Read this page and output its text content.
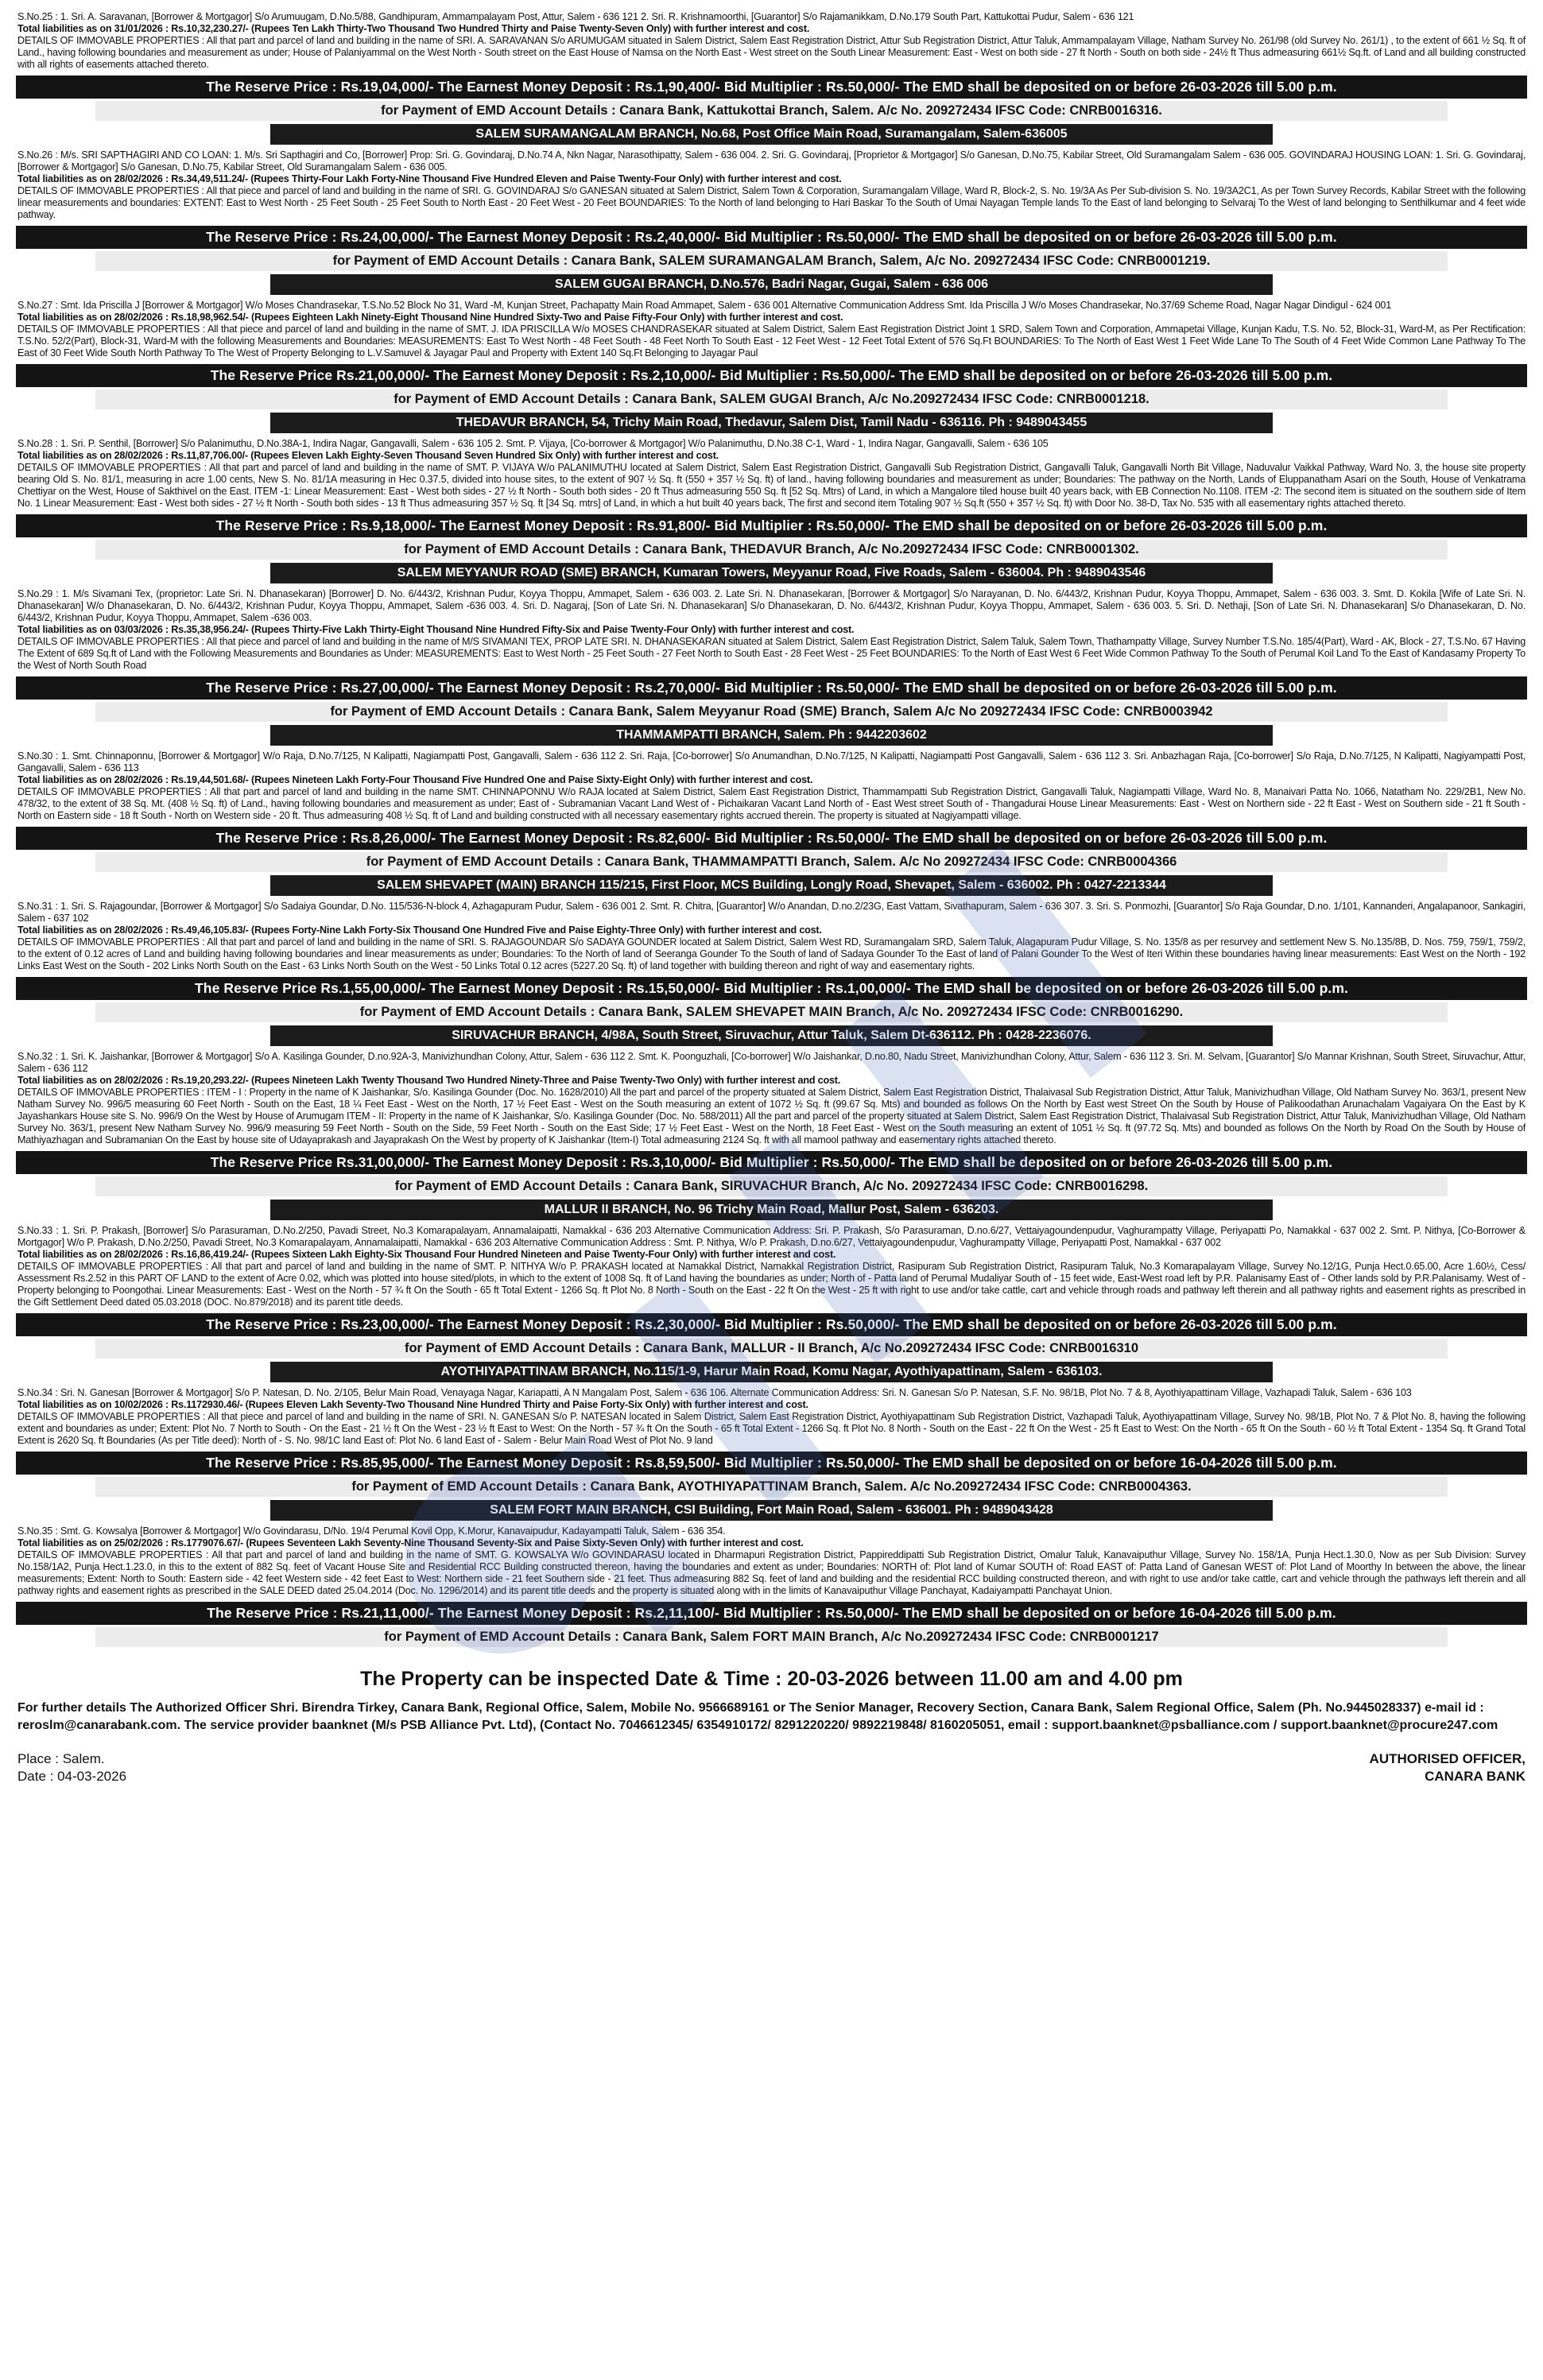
S.No.25 : 1. Sri. A. Saravanan, [Borrower & Mortgagor] S/o Arumuugam, D.No.5/88, Gandhipuram, Ammampalayam Post, Attur, Salem - 636 121 2. Sri. R. Krishnamoorthi, [Guarantor] S/o Rajamanikkam, D.No.179 South Part, Kattukottai Pudur, Salem - 636 121

Total liabilities as on 31/01/2026 : Rs.10,32,230.27/- (Rupees Ten Lakh Thirty-Two Thousand Two Hundred Thirty and Paise Twenty-Seven Only) with further interest and cost.

DETAILS OF IMMOVABLE PROPERTIES : All that part and parcel of land and building in the name of SRI. A. SARAVANAN S/o ARUMUGAM situated in Salem District, Salem East Registration District, Attur Sub Registration District, Attur Taluk, Ammampalayam Village, Natham Survey No. 261/98 (old Survey No. 261/1) , to the extent of 661 ½ Sq. ft of Land., having following boundaries and measurement as under; House of Palaniyammal on the West North - South street on the East House of Namsa on the North East - West street on the South Linear Measurement: East - West on both side - 27 ft North - South on both side - 24½ ft Thus admeasuring 661½ Sq.ft. of Land and all building constructed with all rights of easements attached thereto.

The Reserve Price : Rs.19,04,000/- The Earnest Money Deposit : Rs.1,90,400/- Bid Multiplier : Rs.50,000/- The EMD shall be deposited on or before 26-03-2026 till 5.00 p.m.
for Payment of EMD Account Details : Canara Bank, Kattukottai Branch, Salem. A/c No. 209272434 IFSC Code: CNRB0016316.
SALEM SURAMANGALAM BRANCH, No.68, Post Office Main Road, Suramangalam, Salem-636005

S.No.26 : M/s. SRI SAPTHAGIRI AND CO LOAN: 1. M/s. Sri Sapthagiri and Co, [Borrower] Prop: Sri. G. Govindaraj, D.No.74 A, Nkn Nagar, Narasothipatty, Salem - 636 004. 2. Sri. G. Govindaraj, [Proprietor & Mortgagor] S/o Ganesan, D.No.75, Kabilar Street, Old Suramangalam Salem - 636 005. GOVINDARAJ HOUSING LOAN: 1. Sri. G. Govindaraj, [Borrower & Mortgagor] S/o Ganesan, D.No.75, Kabilar Street, Old Suramangalam Salem - 636 005.

Total liabilities as on 28/02/2026 : Rs.34,49,511.24/- (Rupees Thirty-Four Lakh Forty-Nine Thousand Five Hundred Eleven and Paise Twenty-Four Only) with further interest and cost.

DETAILS OF IMMOVABLE PROPERTIES : All that piece and parcel of land and building in the name of SRI. G. GOVINDARAJ S/o GANESAN situated at Salem District, Salem Town & Corporation, Suramangalam Village, Ward R, Block-2, S. No. 19/3A As Per Sub-division S. No. 19/3A2C1, As per Town Survey Records, Kabilar Street with the following linear measurements and boundaries: EXTENT: East to West North - 25 Feet South - 25 Feet South to North East - 20 Feet West - 20 Feet BOUNDARIES: To the North of land belonging to Hari Baskar To the South of Umai Nayagan Temple lands To the East of land belonging to Selvaraj To the West of land belonging to Senthilkumar and 4 feet wide pathway.

The Reserve Price : Rs.24,00,000/- The Earnest Money Deposit : Rs.2,40,000/- Bid Multiplier : Rs.50,000/- The EMD shall be deposited on or before 26-03-2026 till 5.00 p.m.
for Payment of EMD Account Details : Canara Bank, SALEM SURAMANGALAM Branch, Salem, A/c No. 209272434 IFSC Code: CNRB0001219.
SALEM GUGAI BRANCH, D.No.576, Badri Nagar, Gugai, Salem - 636 006

S.No.27 : Smt. Ida Priscilla J [Borrower & Mortgagor] W/o Moses Chandrasekar, T.S.No.52 Block No 31, Ward -M, Kunjan Street, Pachapatty Main Road Ammapet, Salem - 636 001 Alternative Communication Address Smt. Ida Priscilla J W/o Moses Chandrasekar, No.37/69 Scheme Road, Nagar Nagar Dindigul - 624 001

Total liabilities as on 28/02/2026 : Rs.18,98,962.54/- (Rupees Eighteen Lakh Ninety-Eight Thousand Nine Hundred Sixty-Two and Paise Fifty-Four Only) with further interest and cost.

DETAILS OF IMMOVABLE PROPERTIES : All that piece and parcel of land and building in the name of SMT. J. IDA PRISCILLA W/o MOSES CHANDRASEKAR situated at Salem District, Salem East Registration District Joint 1 SRD, Salem Town and Corporation, Ammapetai Village, Kunjan Kadu, T.S. No. 52, Block-31, Ward-M, as Per Rectification: T.S.No. 52/2(Part), Block-31, Ward-M with the following Measurements and Boundaries: MEASUREMENTS: East To West North - 48 Feet South - 48 Feet North To South East - 12 Feet West - 12 Feet Total Extent of 576 Sq.Ft BOUNDARIES: To The North of East West 1 Feet Wide Lane To The South of 4 Feet Wide Common Lane Pathway To The East of 30 Feet Wide South North Pathway To The West of Property Belonging to L.V.Samuvel & Jayagar Paul and Property with Extent 140 Sq.Ft Belonging to Jayagar Paul

The Reserve Price Rs.21,00,000/- The Earnest Money Deposit : Rs.2,10,000/- Bid Multiplier : Rs.50,000/- The EMD shall be deposited on or before 26-03-2026 till 5.00 p.m.
for Payment of EMD Account Details : Canara Bank, SALEM GUGAI Branch, A/c No.209272434 IFSC Code: CNRB0001218.
THEDAVUR BRANCH, 54, Trichy Main Road, Thedavur, Salem Dist, Tamil Nadu - 636116. Ph : 9489043455

S.No.28 : 1. Sri. P. Senthil, [Borrower] S/o Palanimuthu, D.No.38A-1, Indira Nagar, Gangavalli, Salem - 636 105 2. Smt. P. Vijaya, [Co-borrower & Mortgagor] W/o Palanimuthu, D.No.38 C-1, Ward - 1, Indira Nagar, Gangavalli, Salem - 636 105

Total liabilities as on 28/02/2026 : Rs.11,87,706.00/- (Rupees Eleven Lakh Eighty-Seven Thousand Seven Hundred Six Only) with further interest and cost.

DETAILS OF IMMOVABLE PROPERTIES : All that part and parcel of land and building in the name of SMT. P. VIJAYA W/o PALANIMUTHU located at Salem District, Salem East Registration District, Gangavalli Sub Registration District, Gangavalli Taluk, Gangavalli North Bit Village, Naduvalur Vaikkal Pathway, Ward No. 3, the house site property bearing Old S. No. 81/1, measuring in acre 1.00 cents, New S. No. 81/1A measuring in Hec 0.37.5, divided into house sites, to the extent of 907 ½ Sq. ft (550 + 357 ½ Sq. ft) of land., having following boundaries and measurement as under; Boundaries: The pathway on the North, Lands of Eluppanatham Asari on the South, House of Venkatrama Chettiyar on the West, House of Sakthivel on the East. ITEM -1: Linear Measurement: East - West both sides - 27 ½ ft North - South both sides - 20 ft Thus admeasuring 550 Sq. ft [52 Sq. Mtrs) of Land, in which a Mangalore tiled house built 40 years back, with EB Connection No.1108. ITEM -2: The second item is situated on the southern side of Item No. 1 Linear Measurement: East - West both sides - 27 ½ ft North - South both sides - 13 ft Thus admeasuring 357 ½ Sq. ft [34 Sq. mtrs] of Land, in which a hut built 40 years back, The first and second item Totaling 907 ½ Sq.ft (550 + 357 ½ Sq. ft) with Door No. 38-D, Tax No. 535 with all easementary rights attached thereto.

The Reserve Price : Rs.9,18,000/- The Earnest Money Deposit : Rs.91,800/- Bid Multiplier : Rs.50,000/- The EMD shall be deposited on or before 26-03-2026 till 5.00 p.m.
for Payment of EMD Account Details : Canara Bank, THEDAVUR Branch, A/c No.209272434 IFSC Code: CNRB0001302.
SALEM MEYYANUR ROAD (SME) BRANCH, Kumaran Towers, Meyyanur Road, Five Roads, Salem - 636004. Ph : 9489043546

S.No.29 : 1. M/s Sivamani Tex, (proprietor: Late Sri. N. Dhanasekaran) [Borrower] D. No. 6/443/2, Krishnan Pudur, Koyya Thoppu, Ammapet, Salem - 636 003. 2. Late Sri. N. Dhanasekaran, [Borrower & Mortgagor] S/o Narayanan, D. No. 6/443/2, Krishnan Pudur, Koyya Thoppu, Ammapet, Salem - 636 003. 3. Smt. D. Kokila [Wife of Late Sri. N. Dhanasekaran] W/o Dhanasekaran, D. No. 6/443/2, Krishnan Pudur, Koyya Thoppu, Ammapet, Salem -636 003. 4. Sri. D. Nagaraj, [Son of Late Sri. N. Dhanasekaran] S/o Dhanasekaran, D. No. 6/443/2, Krishnan Pudur, Koyya Thoppu, Ammapet, Salem - 636 003. 5. Sri. D. Nethaji, [Son of Late Sri. N. Dhanasekaran] S/o Dhanasekaran, D. No. 6/443/2, Krishnan Pudur, Koyya Thoppu, Ammapet, Salem -636 003.

Total liabilities as on 03/03/2026 : Rs.35,38,956.24/- (Rupees Thirty-Five Lakh Thirty-Eight Thousand Nine Hundred Fifty-Six and Paise Twenty-Four Only) with further interest and cost.

DETAILS OF IMMOVABLE PROPERTIES : All that piece and parcel of land and building in the name of M/S SIVAMANI TEX, PROP LATE SRI. N. DHANASEKARAN situated at Salem District, Salem East Registration District, Salem Taluk, Salem Town, Thathampatty Village, Survey Number T.S.No. 185/4(Part), Ward - AK, Block - 27, T.S.No. 67 Having The Extent of 689 Sq.ft of Land with the Following Measurements and Boundaries as Under: MEASUREMENTS: East to West North - 25 Feet South - 27 Feet North to South East - 28 Feet West - 25 Feet BOUNDARIES: To the North of East West 6 Feet Wide Common Pathway To the South of Perumal Koil Land To the East of Kandasamy Property To the West of North South Road

The Reserve Price : Rs.27,00,000/- The Earnest Money Deposit : Rs.2,70,000/- Bid Multiplier : Rs.50,000/- The EMD shall be deposited on or before 26-03-2026 till 5.00 p.m.
for Payment of EMD Account Details : Canara Bank, Salem Meyyanur Road (SME) Branch, Salem A/c No 209272434 IFSC Code: CNRB0003942
THAMMAMPATTI BRANCH, Salem. Ph : 9442203602

S.No.30 : 1. Smt. Chinnaponnu, [Borrower & Mortgagor] W/o Raja, D.No.7/125, N Kalipatti, Nagiampatti Post, Gangavalli, Salem - 636 112 2. Sri. Raja, [Co-borrower] S/o Anumandhan, D.No.7/125, N Kalipatti, Nagiampatti Post Gangavalli, Salem - 636 112 3. Sri. Anbazhagan Raja, [Co-borrower] S/o Raja, D.No.7/125, N Kalipatti, Nagiyampatti Post, Gangavalli, Salem - 636 113

Total liabilities as on 28/02/2026 : Rs.19,44,501.68/- (Rupees Nineteen Lakh Forty-Four Thousand Five Hundred One and Paise Sixty-Eight Only) with further interest and cost.

DETAILS OF IMMOVABLE PROPERTIES : All that part and parcel of land and building in the name SMT. CHINNAPONNU W/o RAJA located at Salem District, Salem East Registration District, Thammampatti Sub Registration District, Gangavalli Taluk, Nagiampatti Village, Ward No. 8, Manaivari Patta No. 1066, Natatham No. 229/2B1, New No. 478/32, to the extent of 38 Sq. Mt. (408 ½ Sq. ft) of Land., having following boundaries and measurement as under; East of - Subramanian Vacant Land West of - Pichaikaran Vacant Land North of - East West street South of - Thangadurai House Linear Measurements: East - West on Northern side - 22 ft East - West on Southern side - 21 ft South - North on Eastern side - 18 ft South - North on Western side - 20 ft. Thus admeasuring 408 ½ Sq. ft of Land and building constructed with all necessary easementary rights accrued therein. The property is situated at Nagiyampatti village.

The Reserve Price : Rs.8,26,000/- The Earnest Money Deposit : Rs.82,600/- Bid Multiplier : Rs.50,000/- The EMD shall be deposited on or before 26-03-2026 till 5.00 p.m.
for Payment of EMD Account Details : Canara Bank, THAMMAMPATTI Branch, Salem. A/c No 209272434 IFSC Code: CNRB0004366
SALEM SHEVAPET (MAIN) BRANCH 115/215, First Floor, MCS Building, Longly Road, Shevapet, Salem - 636002. Ph : 0427-2213344

S.No.31 : 1. Sri. S. Rajagoundar, [Borrower & Mortgagor] S/o Sadaiya Goundar, D.No. 115/536-N-block 4, Azhagapuram Pudur, Salem - 636 001 2. Smt. R. Chitra, [Guarantor] W/o Anandan, D.no.2/23G, East Vattam, Sivathapuram, Salem - 636 307. 3. Sri. S. Ponmozhi, [Guarantor] S/o Raja Goundar, D.no. 1/101, Kannanderi, Angalapanoor, Sankagiri, Salem - 637 102

Total liabilities as on 28/02/2026 : Rs.49,46,105.83/- (Rupees Forty-Nine Lakh Forty-Six Thousand One Hundred Five and Paise Eighty-Three Only) with further interest and cost.

DETAILS OF IMMOVABLE PROPERTIES : All that part and parcel of land and building in the name of SRI. S. RAJAGOUNDAR S/o SADAYA GOUNDER located at Salem District, Salem West RD, Suramangalam SRD, Salem Taluk, Alagapuram Pudur Village, S. No. 135/8 as per resurvey and settlement New S. No.135/8B, D. Nos. 759, 759/1, 759/2, to the extent of 0.12 acres of Land and building having following boundaries and linear measurements as under; Boundaries: To the North of land of Seeranga Gounder To the South of land of Sadaya Gounder To the East of land of Palani Gounder To the West of Iteri Within these boundaries having linear measurements: East West on the North - 192 Links East West on the South - 202 Links North South on the East - 63 Links North South on the West - 50 Links Total 0.12 acres (5227.20 Sq. ft) of land together with building thereon and right of way and easementary rights.

The Reserve Price Rs.1,55,00,000/- The Earnest Money Deposit : Rs.15,50,000/- Bid Multiplier : Rs.1,00,000/- The EMD shall be deposited on or before 26-03-2026 till 5.00 p.m.
for Payment of EMD Account Details : Canara Bank, SALEM SHEVAPET MAIN Branch, A/c No. 209272434 IFSC Code: CNRB0016290.
SIRUVACHUR BRANCH, 4/98A, South Street, Siruvachur, Attur Taluk, Salem Dt-636112. Ph : 0428-2236076.

S.No.32 : 1. Sri. K. Jaishankar, [Borrower & Mortgagor] S/o A. Kasilinga Gounder, D.no.92A-3, Manivizhundhan Colony, Attur, Salem - 636 112 2. Smt. K. Poonguzhali, [Co-borrower] W/o Jaishankar, D.no.80, Nadu Street, Manivizhundhan Colony, Attur, Salem - 636 112 3. Sri. M. Selvam, [Guarantor] S/o Mannar Krishnan, South Street, Siruvachur, Attur, Salem - 636 112

Total liabilities as on 28/02/2026 : Rs.19,20,293.22/- (Rupees Nineteen Lakh Twenty Thousand Two Hundred Ninety-Three and Paise Twenty-Two Only) with further interest and cost.

DETAILS OF IMMOVABLE PROPERTIES : ITEM - I : Property in the name of K Jaishankar, S/o. Kasilinga Gounder (Doc. No. 1628/2010) All the part and parcel of the property situated at Salem District, Salem East Registration District, Thalaivasal Sub Registration District, Attur Taluk, Manivizhudhan Village, Old Natham Survey No. 363/1, present New Natham Survey No. 996/5 measuring 60 Feet North - South on the East, 18 ¼ Feet East - West on the North, 17 ½ Feet East - West on the South measuring an extent of 1072 ½ Sq. ft (99.67 Sq. Mts) and bounded as follows On the North by East west Street On the South by House of Palikoodathan Arunachalam Vagaiyara On the East by K Jayashankars House site S. No. 996/9 On the West by House of Arumugam ITEM - II: Property in the name of K Jaishankar, S/o. Kasilinga Gounder (Doc. No. 588/2011) All the part and parcel of the property situated at Salem District, Salem East Registration District, Thalaivasal Sub Registration District, Attur Taluk, Manivizhudhan Village, Old Natham Survey No. 363/1, present New Natham Survey No. 996/9 measuring 59 Feet North - South on the Side, 59 Feet North - South on the East Side; 17 ½ Feet East - West on the North, 18 Feet East - West on the South measuring an extent of 1051 ½ Sq. ft (97.72 Sq. Mts) and bounded as follows On the North by Road On the South by House of Mathiyazhagan and Subramanian On the East by house site of Udayaprakash and Jayaprakash On the West by property of K Jaishankar (Item-I) Total admeasuring 2124 Sq. ft with all mamool pathway and easementary rights attached thereto.

The Reserve Price Rs.31,00,000/- The Earnest Money Deposit : Rs.3,10,000/- Bid Multiplier : Rs.50,000/- The EMD shall be deposited on or before 26-03-2026 till 5.00 p.m.
for Payment of EMD Account Details : Canara Bank, SIRUVACHUR Branch, A/c No. 209272434 IFSC Code: CNRB0016298.
MALLUR II BRANCH, No. 96 Trichy Main Road, Mallur Post, Salem - 636203.

S.No.33 : 1. Sri. P. Prakash, [Borrower] S/o Parasuraman, D.No.2/250, Pavadi Street, No.3 Komarapalayam, Annamalaipatti, Namakkal - 636 203 Alternative Communication Address: Sri. P. Prakash, S/o Parasuraman, D.no.6/27, Vettaiyagoundenpudur, Vaghurampatty Village, Periyapatti Po, Namakkal - 637 002 2. Smt. P. Nithya, [Co-Borrower & Mortgagor] W/o P. Prakash, D.No.2/250, Pavadi Street, No.3 Komarapalayam, Annamalaipatti, Namakkal - 636 203 Alternative Communication Address : Smt. P. Nithya, W/o P. Prakash, D.no.6/27, Vettaiyagoundenpudur, Vaghurampatty Village, Periyapatti Post, Namakkal - 637 002

Total liabilities as on 28/02/2026 : Rs.16,86,419.24/- (Rupees Sixteen Lakh Eighty-Six Thousand Four Hundred Nineteen and Paise Twenty-Four Only) with further interest and cost.

DETAILS OF IMMOVABLE PROPERTIES : All that part and parcel of land and building in the name of SMT. P. NITHYA W/o P. PRAKASH located at Namakkal District, Namakkal Registration District, Rasipuram Sub Registration District, Rasipuram Taluk, No.3 Komarapalayam Village, Survey No.12/1G, Punja Hect.0.65.00, Acre 1.60½, Cess/ Assessment Rs.2.52 in this PART OF LAND to the extent of Acre 0.02, which was plotted into house sited/plots, in which to the extent of 1008 Sq. ft of Land having the boundaries as under; North of - Patta land of Perumal Mudaliyar South of - 15 feet wide, East-West road left by P.R. Palanisamy East of - Other lands sold by P.R.Palanisamy. West of - Property belonging to Poongothai. Linear Measurements: East - West on the North - 57 ¾ ft On the South - 65 ft Total Extent - 1266 Sq. ft Plot No. 8 North - South on the East - 22 ft On the West - 25 ft with right to use and/or take cattle, cart and vehicle through roads and pathway left therein and all pathway rights and easement rights as prescribed in the Gift Settlement Deed dated 05.03.2018 (DOC. No.879/2018) and its parent title deeds.

The Reserve Price : Rs.23,00,000/- The Earnest Money Deposit : Rs.2,30,000/- Bid Multiplier : Rs.50,000/- The EMD shall be deposited on or before 26-03-2026 till 5.00 p.m.
for Payment of EMD Account Details : Canara Bank, MALLUR - II Branch, A/c No.209272434 IFSC Code: CNRB0016310
AYOTHIYAPATTINAM BRANCH, No.115/1-9, Harur Main Road, Komu Nagar, Ayothiyapattinam, Salem - 636103.

S.No.34 : Sri. N. Ganesan [Borrower & Mortgagor] S/o P. Natesan, D. No. 2/105, Belur Main Road, Venayaga Nagar, Kariapatti, A N Mangalam Post, Salem - 636 106. Alternate Communication Address: Sri. N. Ganesan S/o P. Natesan, S.F. No. 98/1B, Plot No. 7 & 8, Ayothiyapattinam Village, Vazhapadi Taluk, Salem - 636 103

Total liabilities as on 10/02/2026 : Rs.1172930.46/- (Rupees Eleven Lakh Seventy-Two Thousand Nine Hundred Thirty and Paise Forty-Six Only) with further interest and cost.

DETAILS OF IMMOVABLE PROPERTIES : All that piece and parcel of land and building in the name of SRI. N. GANESAN S/o P. NATESAN located in Salem District, Salem East Registration District, Ayothiyapattinam Sub Registration District, Vazhapadi Taluk, Ayothiyapattinam Village, Survey No. 98/1B, Plot No. 7 & Plot No. 8, having the following extent and boundaries as under; Extent: Plot No. 7 North to South - On the East - 21 ½ ft On the West - 23 ½ ft East to West: On the North - 57 ¾ ft On the South - 65 ft Total Extent - 1266 Sq. ft Plot No. 8 North - South on the East - 22 ft On the West - 25 ft East to West: On the North - 65 ft On the South - 60 ½ ft Total Extent - 1354 Sq. ft Grand Total Extent is 2620 Sq. ft Boundaries (As per Title deed): North of - S. No. 98/1C land East of: Plot No. 6 land East of - Salem - Belur Main Road West of Plot No. 9 land

The Reserve Price : Rs.85,95,000/- The Earnest Money Deposit : Rs.8,59,500/- Bid Multiplier : Rs.50,000/- The EMD shall be deposited on or before 16-04-2026 till 5.00 p.m.
for Payment of EMD Account Details : Canara Bank, AYOTHIYAPATTINAM Branch, Salem. A/c No.209272434 IFSC Code: CNRB0004363.
SALEM FORT MAIN BRANCH, CSI Building, Fort Main Road, Salem - 636001. Ph : 9489043428

S.No.35 : Smt. G. Kowsalya [Borrower & Mortgagor] W/o Govindarasu, D/No. 19/4 Perumal Kovil Opp, K.Morur, Kanavaipudur, Kadayampatti Taluk, Salem - 636 354.

Total liabilities as on 25/02/2026 : Rs.1779076.67/- (Rupees Seventeen Lakh Seventy-Nine Thousand Seventy-Six and Paise Sixty-Seven Only) with further interest and cost.

DETAILS OF IMMOVABLE PROPERTIES : All that part and parcel of land and building in the name of SMT. G. KOWSALYA W/o GOVINDARASU located in Dharmapuri Registration District, Pappireddipatti Sub Registration District, Omalur Taluk, Kanavaiputhur Village, Survey No. 158/1A, Punja Hect.1.30.0, Now as per Sub Division: Survey No.158/1A2, Punja Hect.1.23.0, in this to the extent of 882 Sq. feet of Vacant House Site and Residential RCC Building constructed thereon, having the boundaries and extent as under; Boundaries: NORTH of: Plot land of Kumar SOUTH of: Road EAST of: Patta Land of Ganesan WEST of: Plot Land of Moorthy In between the above, the linear measurements; Extent: North to South: Eastern side - 42 feet Western side - 42 feet East to West: Northern side - 21 feet Southern side - 21 feet. Thus admeasuring 882 Sq. feet of land and building and the residential RCC building constructed thereon, and with right to use and/or take cattle, cart and vehicle through the pathways left therein and all pathway rights and easement rights as prescribed in the SALE DEED dated 25.04.2014 (Doc. No. 1296/2014) and its parent title deeds and the property is situated along with in the limits of Kanavaiputhur Village Panchayat, Kadaiyampatti Panchayat Union.

The Reserve Price : Rs.21,11,000/- The Earnest Money Deposit : Rs.2,11,100/- Bid Multiplier : Rs.50,000/- The EMD shall be deposited on or before 16-04-2026 till 5.00 p.m.
for Payment of EMD Account Details : Canara Bank, Salem FORT MAIN Branch, A/c No.209272434 IFSC Code: CNRB0001217
The Property can be inspected Date & Time : 20-03-2026 between 11.00 am and 4.00 pm
For further details The Authorized Officer Shri. Birendra Tirkey, Canara Bank, Regional Office, Salem, Mobile No. 9566689161 or The Senior Manager, Recovery Section, Canara Bank, Salem Regional Office, Salem (Ph. No.9445028337) e-mail id : reroslm@canarabank.com. The service provider baanknet (M/s PSB Alliance Pvt. Ltd), (Contact No. 7046612345/ 6354910172/ 8291220220/ 9892219848/ 8160205051, email : support.baanknet@psballiance.com / support.baanknet@procure247.com
Place : Salem.
Date : 04-03-2026
AUTHORISED OFFICER,
CANARA BANK
